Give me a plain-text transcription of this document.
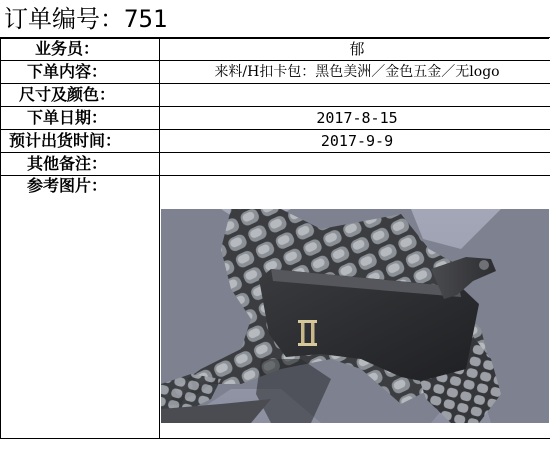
订单编号：751
业务员：	郁
下单内容：	来料/H扣卡包：黑色美洲／金色五金／无logo
尺寸及颜色：	
下单日期：	2017-8-15
预计出货时间：	2017-9-9
其他备注：	
参考图片：	
